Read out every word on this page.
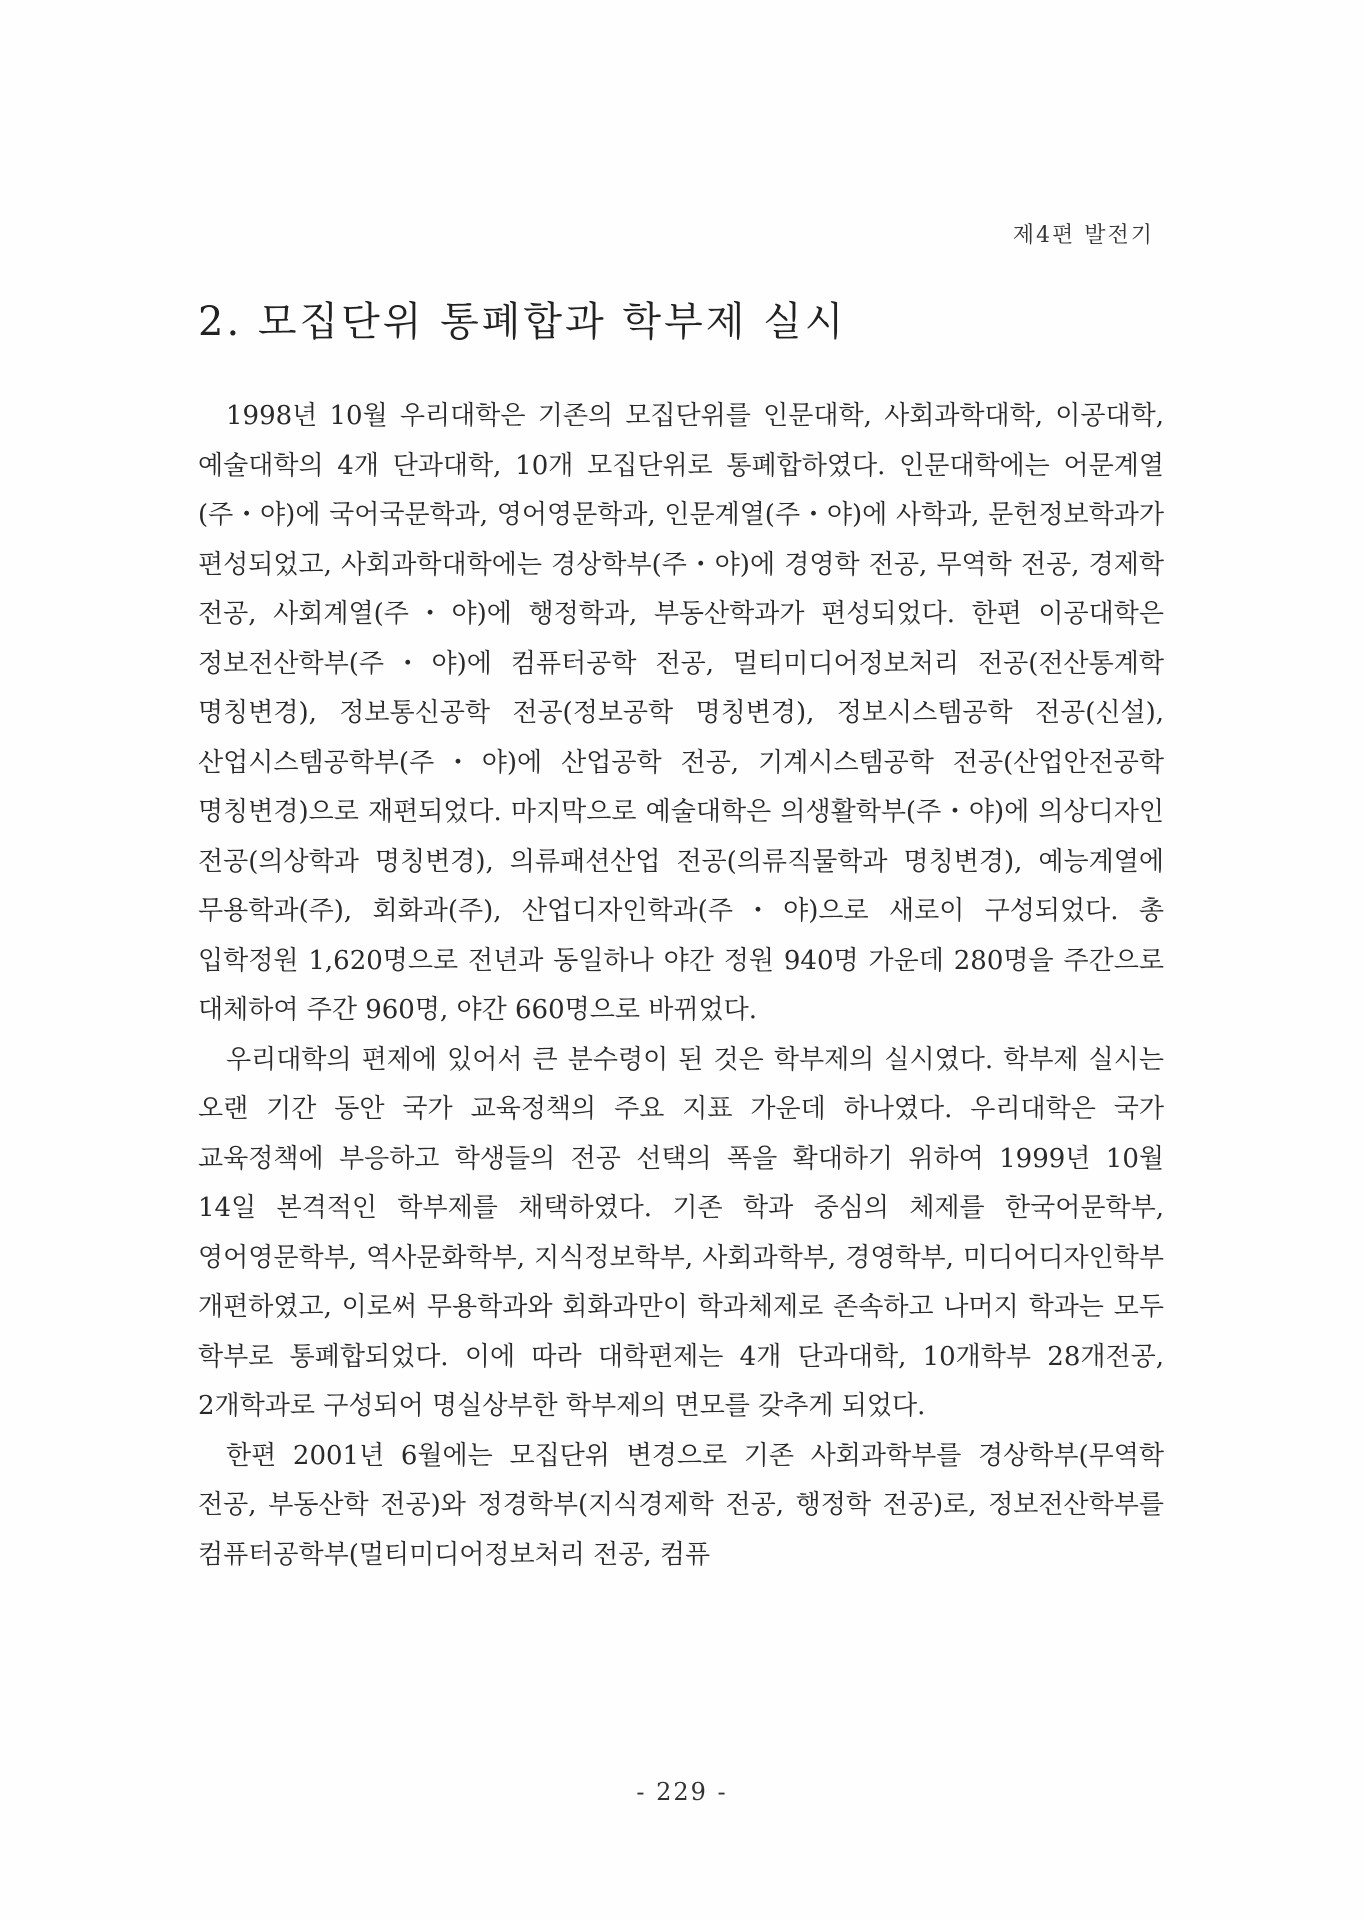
제4편 발전기
2. 모집단위 통폐합과 학부제 실시

1998년 10월 우리대학은 기존의 모집단위를 인문대학, 사회과학대학, 이공대학, 예술대학의 4개 단과대학, 10개 모집단위로 통폐합하였다. 인문대학에는 어문계열(주・야)에 국어국문학과, 영어영문학과, 인문계열(주・야)에 사학과, 문헌정보학과가 편성되었고, 사회과학대학에는 경상학부(주・야)에 경영학 전공, 무역학 전공, 경제학 전공, 사회계열(주・야)에 행정학과, 부동산학과가 편성되었다. 한편 이공대학은 정보전산학부(주・야)에 컴퓨터공학 전공, 멀티미디어정보처리 전공(전산통계학 명칭변경), 정보통신공학 전공(정보공학 명칭변경), 정보시스템공학 전공(신설), 산업시스템공학부(주・야)에 산업공학 전공, 기계시스템공학 전공(산업안전공학 명칭변경)으로 재편되었다. 마지막으로 예술대학은 의생활학부(주・야)에 의상디자인 전공(의상학과 명칭변경), 의류패션산업 전공(의류직물학과 명칭변경), 예능계열에 무용학과(주), 회화과(주), 산업디자인학과(주・야)으로 새로이 구성되었다. 총 입학정원 1,620명으로 전년과 동일하나 야간 정원 940명 가운데 280명을 주간으로 대체하여 주간 960명, 야간 660명으로 바뀌었다.

우리대학의 편제에 있어서 큰 분수령이 된 것은 학부제의 실시였다. 학부제 실시는 오랜 기간 동안 국가 교육정책의 주요 지표 가운데 하나였다. 우리대학은 국가 교육정책에 부응하고 학생들의 전공 선택의 폭을 확대하기 위하여 1999년 10월 14일 본격적인 학부제를 채택하였다. 기존 학과 중심의 체제를 한국어문학부, 영어영문학부, 역사문화학부, 지식정보학부, 사회과학부, 경영학부, 미디어디자인학부 개편하였고, 이로써 무용학과와 회화과만이 학과체제로 존속하고 나머지 학과는 모두 학부로 통폐합되었다. 이에 따라 대학편제는 4개 단과대학, 10개학부 28개전공, 2개학과로 구성되어 명실상부한 학부제의 면모를 갖추게 되었다.

한편 2001년 6월에는 모집단위 변경으로 기존 사회과학부를 경상학부(무역학 전공, 부동산학 전공)와 정경학부(지식경제학 전공, 행정학 전공)로, 정보전산학부를 컴퓨터공학부(멀티미디어정보처리 전공, 컴퓨

- 229 -
